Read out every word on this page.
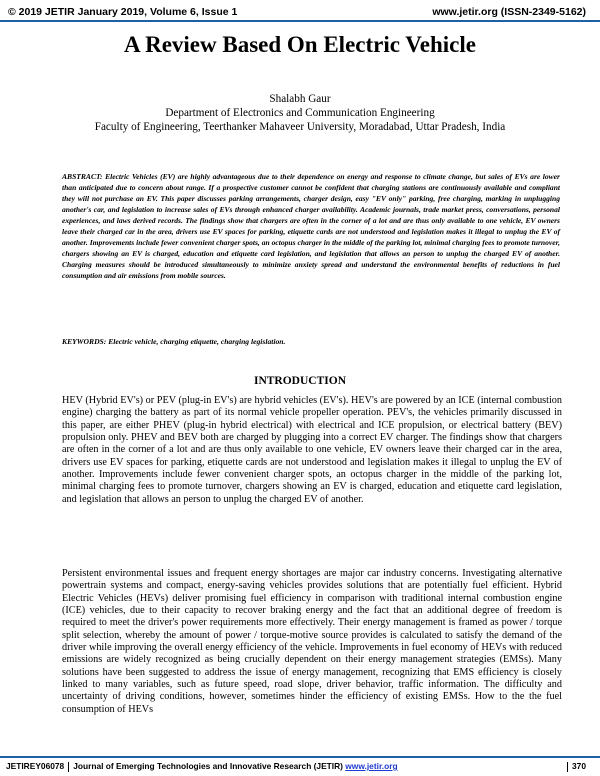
© 2019 JETIR January 2019, Volume 6, Issue 1	www.jetir.org (ISSN-2349-5162)
A Review Based On Electric Vehicle
Shalabh Gaur
Department of Electronics and Communication Engineering
Faculty of Engineering, Teerthanker Mahaveer University, Moradabad, Uttar Pradesh, India

ABSTRACT: Electric Vehicles (EV) are highly advantageous due to their dependence on energy and response to climate change, but sales of EVs are lower than anticipated due to concern about range. If a prospective customer cannot be confident that charging stations are continuously available and compliant they will not purchase an EV. This paper discusses parking arrangements, charger design, easy "EV only" parking, free charging, marking in unplugging another's car, and legislation to increase sales of EVs through enhanced charger availability. Academic journals, trade market press, conversations, personal experiences, and laws derived records. The findings show that chargers are often in the corner of a lot and are thus only available to one vehicle, EV owners leave their charged car in the area, drivers use EV spaces for parking, etiquette cards are not understood and legislation makes it illegal to unplug the EV of another. Improvements include fewer convenient charger spots, an octopus charger in the middle of the parking lot, minimal charging fees to promote turnover, chargers showing an EV is charged, education and etiquette card legislation, and legislation that allows an person to unplug the charged EV of another. Charging measures should be introduced simultaneously to minimize anxiety spread and understand the environmental benefits of reductions in fuel consumption and air emissions from mobile sources.

KEYWORDS: Electric vehicle, charging etiquette, charging legislation.

INTRODUCTION

HEV (Hybrid EV's) or PEV (plug-in EV's) are hybrid vehicles (EV's). HEV's are powered by an ICE (internal combustion engine) charging the battery as part of its normal vehicle propeller operation. PEV's, the vehicles primarily discussed in this paper, are either PHEV (plug-in hybrid electrical) with electrical and ICE propulsion, or electrical battery (BEV) propulsion only. PHEV and BEV both are charged by plugging into a correct EV charger. The findings show that chargers are often in the corner of a lot and are thus only available to one vehicle, EV owners leave their charged car in the area, drivers use EV spaces for parking, etiquette cards are not understood and legislation makes it illegal to unplug the EV of another. Improvements include fewer convenient charger spots, an octopus charger in the middle of the parking lot, minimal charging fees to promote turnover, chargers showing an EV is charged, education and etiquette card legislation, and legislation that allows an person to unplug the charged EV of another.

Persistent environmental issues and frequent energy shortages are major car industry concerns. Investigating alternative powertrain systems and compact, energy-saving vehicles provides solutions that are potentially fuel efficient. Hybrid Electric Vehicles (HEVs) deliver promising fuel efficiency in comparison with traditional internal combustion engine (ICE) vehicles, due to their capacity to recover braking energy and the fact that an additional degree of freedom is required to meet the driver's power requirements more effectively. Their energy management is framed as power / torque split selection, whereby the amount of power / torque-motive source provides is calculated to satisfy the demand of the driver while improving the overall energy efficiency of the vehicle. Improvements in fuel economy of HEVs with reduced emissions are widely recognized as being crucially dependent on their energy management strategies (EMSs). Many solutions have been suggested to address the issue of energy management, recognizing that EMS efficiency is closely linked to many variables, such as future speed, road slope, driver behavior, traffic information. The difficulty and uncertainty of driving conditions, however, sometimes hinder the efficiency of existing EMSs. How to the the fuel consumption of HEVs

JETIREY06078 Journal of Emerging Technologies and Innovative Research (JETIR) www.jetir.org	370
